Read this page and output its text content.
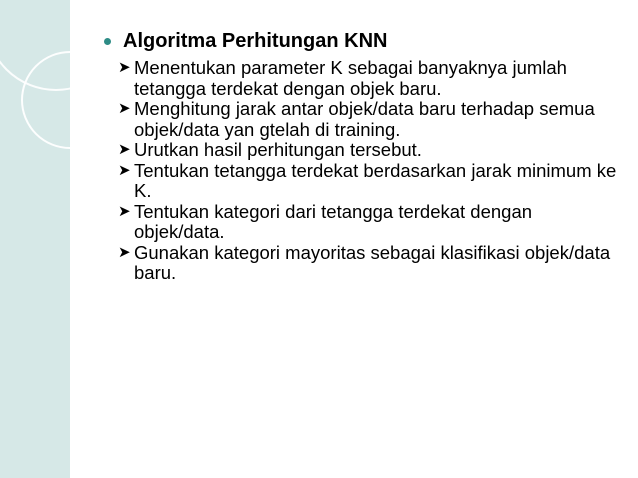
Algoritma Perhitungan KNN
➤ Menentukan parameter K sebagai banyaknya jumlah tetangga terdekat dengan objek baru.
➤ Menghitung jarak antar objek/data baru terhadap semua objek/data yan gtelah di training.
➤ Urutkan hasil perhitungan tersebut.
➤ Tentukan tetangga terdekat berdasarkan jarak minimum ke K.
➤ Tentukan kategori dari tetangga terdekat dengan objek/data.
➤ Gunakan kategori mayoritas sebagai klasifikasi objek/data baru.
